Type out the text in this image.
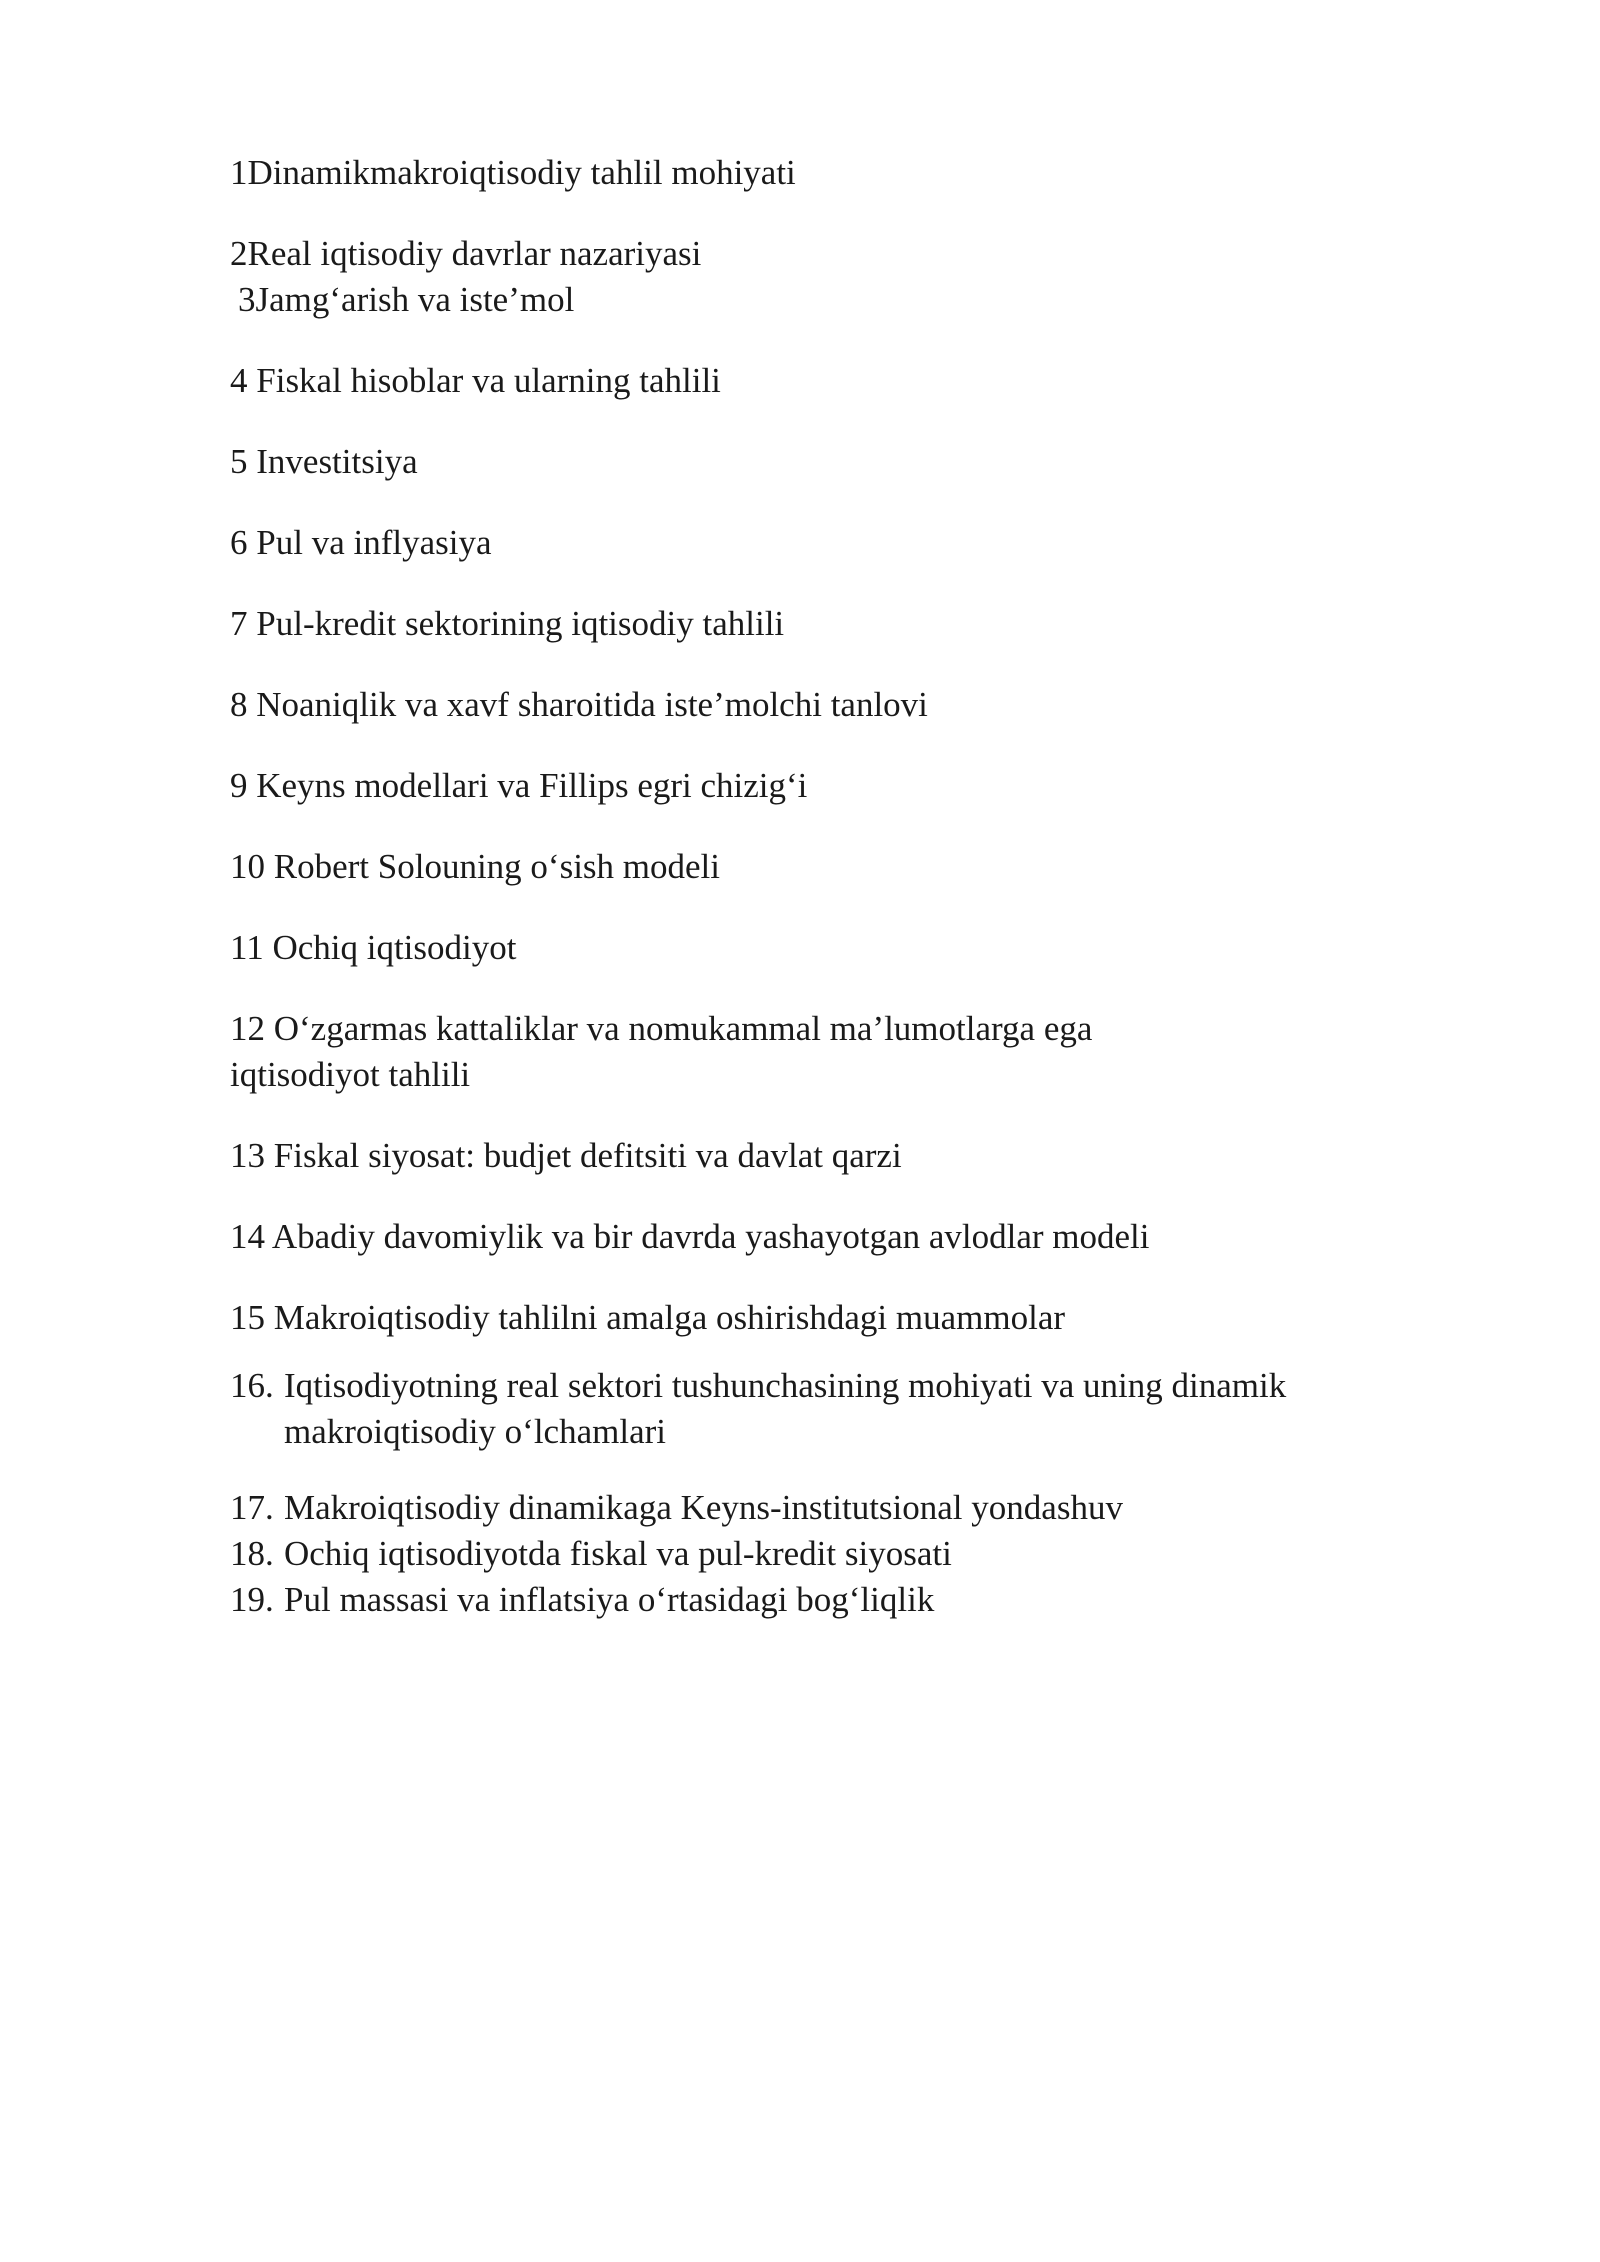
1Dinamikmakroiqtisodiy tahlil mohiyati
2Real iqtisodiy davrlar nazariyasi
3Jamg‘arish va iste’mol
4 Fiskal hisoblar va ularning tahlili
5 Investitsiya
6 Pul va inflyasiya
7 Pul-kredit sektorining iqtisodiy tahlili
8 Noaniqlik va xavf sharoitida iste’molchi tanlovi
9 Keyns modellari va Fillips egri chizig‘i
10 Robert Solouning o‘sish modeli
11 Ochiq iqtisodiyot
12 O‘zgarmas kattaliklar va nomukammal ma’lumotlarga ega iqtisodiyot tahlili
13 Fiskal siyosat: budjet defitsiti va davlat qarzi
14 Abadiy davomiylik va bir davrda yashayotgan avlodlar modeli
15 Makroiqtisodiy tahlilni amalga oshirishdagi muammolar
16. Iqtisodiyotning real sektori tushunchasining mohiyati va uning dinamik makroiqtisodiy o‘lchamlari
17. Makroiqtisodiy dinamikaga Keyns-institutsional yondashuv
18. Ochiq iqtisodiyotda fiskal va pul-kredit siyosati
19. Pul massasi va inflatsiya o‘rtasidagi bog‘liqlik
